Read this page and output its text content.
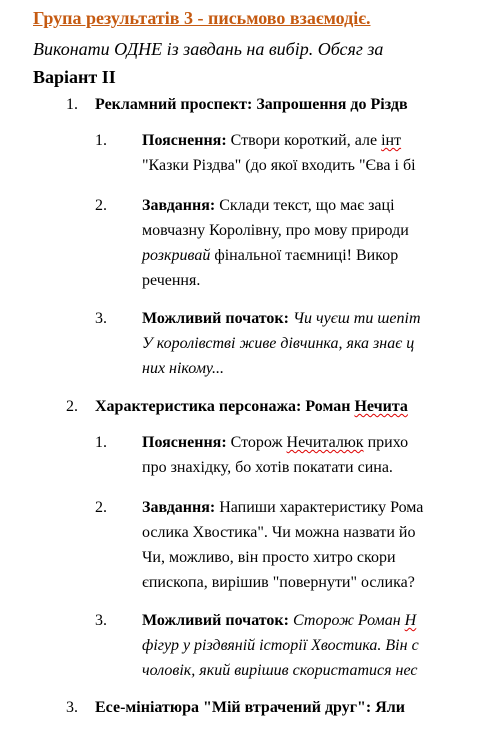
Група результатів 3 - письмово взаємодіє.
Виконати ОДНЕ із завдань на вибір. Обсяг за
Варіант ІІ
1. Рекламний проспект: Запрошення до Різдв
1. Пояснення: Створи короткий, але інт
"Казки Різдва" (до якої входить "Єва і бі
2. Завдання: Склади текст, що має заці
мовчазну Королівну, про мову природи
розкривай фінальної таємниці! Викор
речення.
3. Можливий початок: Чи чуєш ти шепіт
У королівстві живе дівчинка, яка знає ц
них нікому...
2. Характеристика персонажа: Роман Нечита
1. Пояснення: Сторож Нечиталюк прихо
про знахідку, бо хотів покатати сина.
2. Завдання: Напиши характеристику Рома
ослика Хвостика". Чи можна назвати йо
Чи, можливо, він просто хитро скори
єпископа, вирішив "повернути" ослика?
3. Можливий початок: Сторож Роман Н
фігур у різдвяній історії Хвостика. Він с
чоловік, який вирішив скористатися нес
3. Есе-мініатюра "Мій втрачений друг": Яли
